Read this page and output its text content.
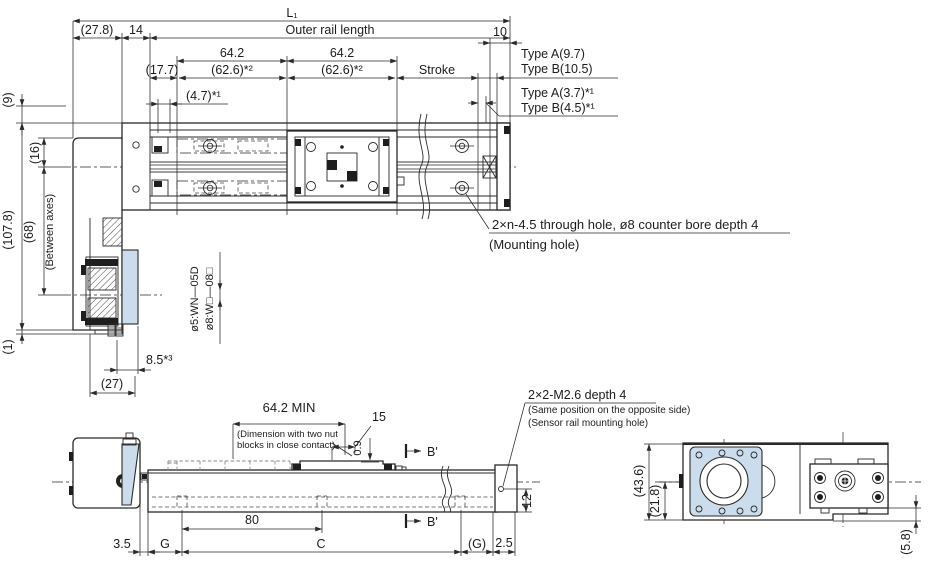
L₁
Outer rail length
(27.8) 14	10
64.2	64.2
(17.7)	(62.6)*²	(62.6)*²	Stroke
(4.7)*¹
Type A(9.7)
Type B(10.5)
Type A(3.7)*¹
Type B(4.5)*¹
(9)
(107.8)
(16)
(68) (Between axes)
(1)
2×n-4.5 through hole, ø8 counter bore depth 4
(Mounting hole)
8.5*³
(27)
ø5:WN—05D ø8:W□—08□
64.2 MIN
(Dimension with two nut
blocks in close contact)
15
0.9
2×2-M2.6 depth 4
(Same position on the opposite side)
(Sensor rail mounting hole)
B'
B'
12
80
3.5 G	C	(G) 2.5
(43.6)
(21.8)
(5.8)
